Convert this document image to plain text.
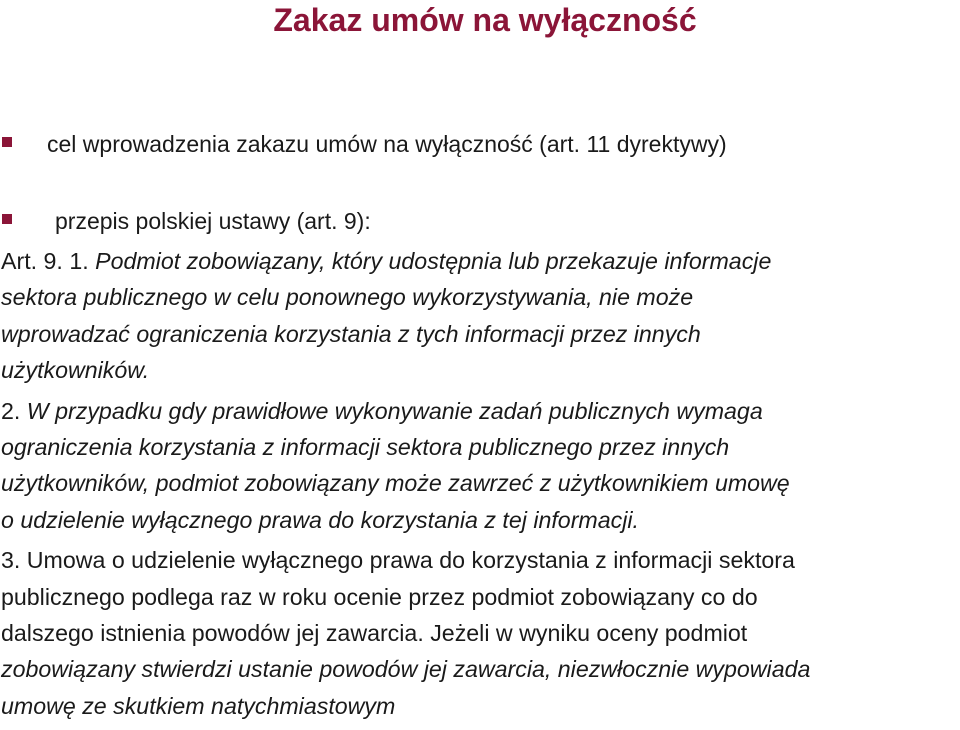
Zakaz umów na wyłączność
cel wprowadzenia zakazu umów na wyłączność (art. 11 dyrektywy)
przepis polskiej ustawy (art. 9):
Art. 9. 1. Podmiot zobowiązany, który udostępnia lub przekazuje informacje
sektora publicznego w celu ponownego wykorzystywania, nie może
wprowadzać ograniczenia korzystania z tych informacji przez innych
użytkowników.
2. W przypadku gdy prawidłowe wykonywanie zadań publicznych wymaga
ograniczenia korzystania z informacji sektora publicznego przez innych
użytkowników, podmiot zobowiązany może zawrzeć z użytkownikiem umowę
o udzielenie wyłącznego prawa do korzystania z tej informacji.
3. Umowa o udzielenie wyłącznego prawa do korzystania z informacji sektora
publicznego podlega raz w roku ocenie przez podmiot zobowiązany co do
dalszego istnienia powodów jej zawarcia. Jeżeli w wyniku oceny podmiot
zobowiązany stwierdzi ustanie powodów jej zawarcia, niezwłocznie wypowiada
umowę ze skutkiem natychmiastowym
